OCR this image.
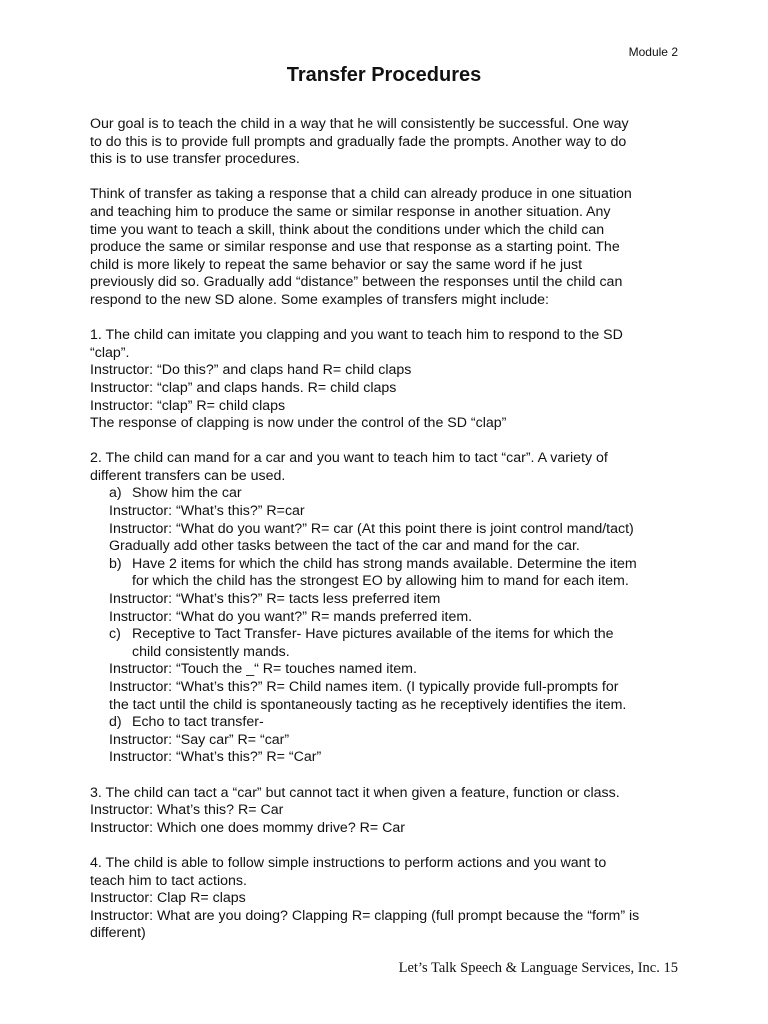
Module 2
Transfer Procedures
Our goal is to teach the child in a way that he will consistently be successful. One way
to do this is to provide full prompts and gradually fade the prompts. Another way to do
this is to use transfer procedures.
Think of transfer as taking a response that a child can already produce in one situation
and teaching him to produce the same or similar response in another situation. Any
time you want to teach a skill, think about the conditions under which the child can
produce the same or similar response and use that response as a starting point. The
child is more likely to repeat the same behavior or say the same word if he just
previously did so. Gradually add “distance” between the responses until the child can
respond to the new SD alone. Some examples of transfers might include:
1. The child can imitate you clapping and you want to teach him to respond to the SD
“clap”.
Instructor: “Do this?” and claps hand R= child claps
Instructor: “clap” and claps hands. R= child claps
Instructor: “clap” R= child claps
The response of clapping is now under the control of the SD “clap”
2. The child can mand for a car and you want to teach him to tact “car”. A variety of
different transfers can be used.
a) Show him the car
Instructor: “What’s this?” R=car
Instructor: “What do you want?” R= car (At this point there is joint control mand/tact)
Gradually add other tasks between the tact of the car and mand for the car.
b) Have 2 items for which the child has strong mands available. Determine the item
for which the child has the strongest EO by allowing him to mand for each item.
Instructor: “What’s this?” R= tacts less preferred item
Instructor: “What do you want?” R= mands preferred item.
c) Receptive to Tact Transfer- Have pictures available of the items for which the
child consistently mands.
Instructor: “Touch the _“ R= touches named item.
Instructor: “What’s this?” R= Child names item. (I typically provide full-prompts for
the tact until the child is spontaneously tacting as he receptively identifies the item.
d) Echo to tact transfer-
Instructor: “Say car” R= “car”
Instructor: “What’s this?” R= “Car”
3. The child can tact a “car” but cannot tact it when given a feature, function or class.
Instructor: What’s this? R= Car
Instructor: Which one does mommy drive? R= Car
4. The child is able to follow simple instructions to perform actions and you want to
teach him to tact actions.
Instructor: Clap R= claps
Instructor: What are you doing? Clapping R= clapping (full prompt because the “form” is
different)
Let’s Talk Speech & Language Services, Inc. 15
